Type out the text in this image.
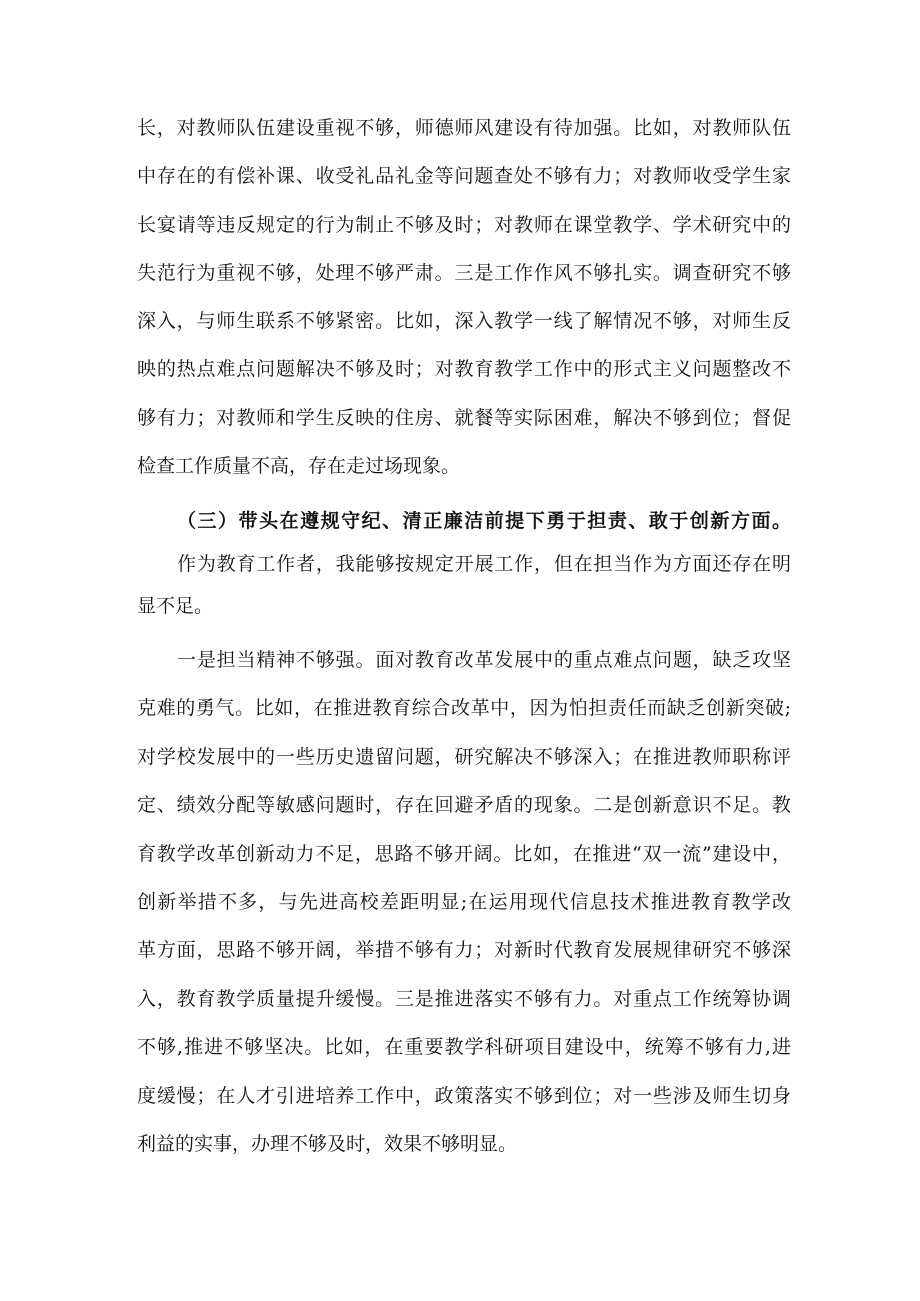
长，对教师队伍建设重视不够，师德师风建设有待加强。比如，对教师队伍
中存在的有偿补课、收受礼品礼金等问题查处不够有力；对教师收受学生家
长宴请等违反规定的行为制止不够及时；对教师在课堂教学、学术研究中的
失范行为重视不够，处理不够严肃。三是工作作风不够扎实。调查研究不够
深入，与师生联系不够紧密。比如，深入教学一线了解情况不够，对师生反
映的热点难点问题解决不够及时；对教育教学工作中的形式主义问题整改不
够有力；对教师和学生反映的住房、就餐等实际困难，解决不够到位；督促
检查工作质量不高，存在走过场现象。
（三）带头在遵规守纪、清正廉洁前提下勇于担责、敢于创新方面。
作为教育工作者，我能够按规定开展工作，但在担当作为方面还存在明
显不足。
一是担当精神不够强。面对教育改革发展中的重点难点问题，缺乏攻坚
克难的勇气。比如，在推进教育综合改革中，因为怕担责任而缺乏创新突破;
对学校发展中的一些历史遗留问题，研究解决不够深入；在推进教师职称评
定、绩效分配等敏感问题时，存在回避矛盾的现象。二是创新意识不足。教
育教学改革创新动力不足，思路不够开阔。比如，在推进“双一流”建设中，
创新举措不多，与先进高校差距明显;在运用现代信息技术推进教育教学改
革方面，思路不够开阔，举措不够有力；对新时代教育发展规律研究不够深
入，教育教学质量提升缓慢。三是推进落实不够有力。对重点工作统筹协调
不够,推进不够坚决。比如，在重要教学科研项目建设中，统筹不够有力,进
度缓慢；在人才引进培养工作中，政策落实不够到位；对一些涉及师生切身
利益的实事，办理不够及时，效果不够明显。
